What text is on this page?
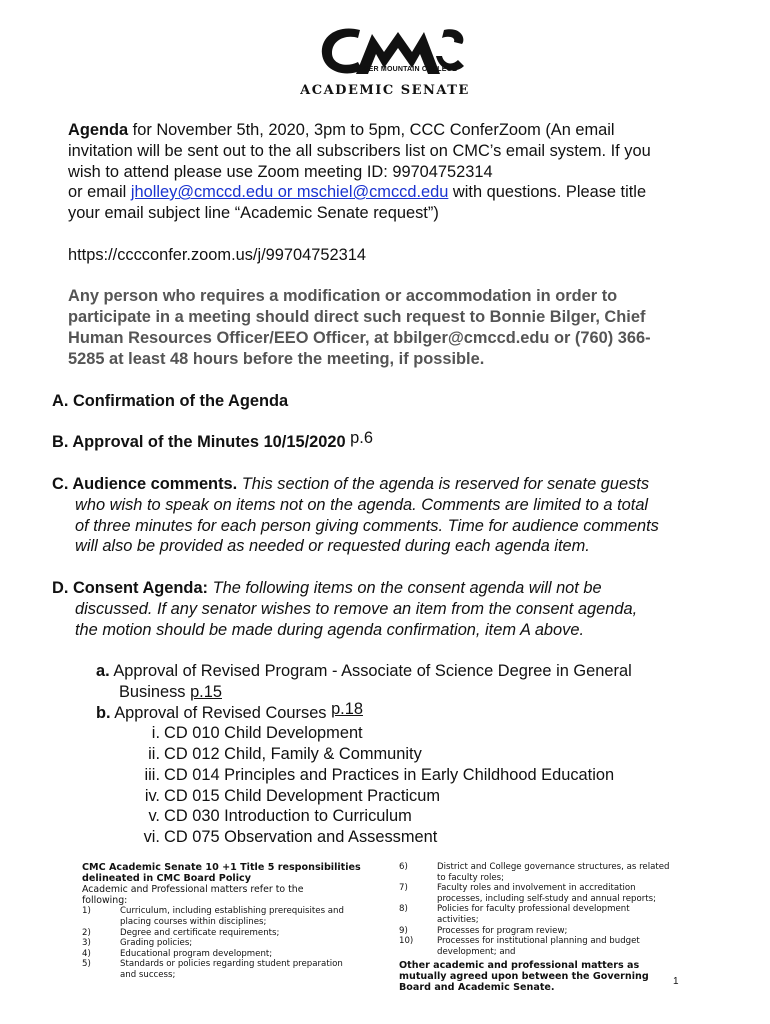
COPPER MOUNTAIN COLLEGE
ACADEMIC SENATE
Agenda for November 5th, 2020, 3pm to 5pm, CCC ConferZoom (An email
invitation will be sent out to the all subscribers list on CMC’s email system. If you
wish to attend please use Zoom meeting ID: 99704752314
or email jholley@cmccd.edu or mschiel@cmccd.edu with questions. Please title
your email subject line “Academic Senate request”)
https://cccconfer.zoom.us/j/99704752314
Any person who requires a modification or accommodation in order to
participate in a meeting should direct such request to Bonnie Bilger, Chief
Human Resources Officer/EEO Officer, at bbilger@cmccd.edu or (760) 366-
5285 at least 48 hours before the meeting, if possible.
A. Confirmation of the Agenda
B. Approval of the Minutes 10/15/2020 p.6
C. Audience comments. This section of the agenda is reserved for senate guests
who wish to speak on items not on the agenda. Comments are limited to a total
of three minutes for each person giving comments. Time for audience comments
will also be provided as needed or requested during each agenda item.
D. Consent Agenda: The following items on the consent agenda will not be
discussed. If any senator wishes to remove an item from the consent agenda,
the motion should be made during agenda confirmation, item A above.
a. Approval of Revised Program - Associate of Science Degree in General
Business p.15
b. Approval of Revised Courses p.18
i. CD 010 Child Development
ii. CD 012 Child, Family & Community
iii. CD 014 Principles and Practices in Early Childhood Education
iv. CD 015 Child Development Practicum
v. CD 030 Introduction to Curriculum
vi. CD 075 Observation and Assessment
CMC Academic Senate 10 +1 Title 5 responsibilities
delineated in CMC Board Policy
Academic and Professional matters refer to the
following:
1)	Curriculum, including establishing prerequisites and
placing courses within disciplines;
2)	Degree and certificate requirements;
3)	Grading policies;
4)	Educational program development;
5)	Standards or policies regarding student preparation
and success;
6)	District and College governance structures, as related
to faculty roles;
7)	Faculty roles and involvement in accreditation
processes, including self-study and annual reports;
8)	Policies for faculty professional development
activities;
9)	Processes for program review;
10)	Processes for institutional planning and budget
development; and
Other academic and professional matters as
mutually agreed upon between the Governing
Board and Academic Senate.
1
